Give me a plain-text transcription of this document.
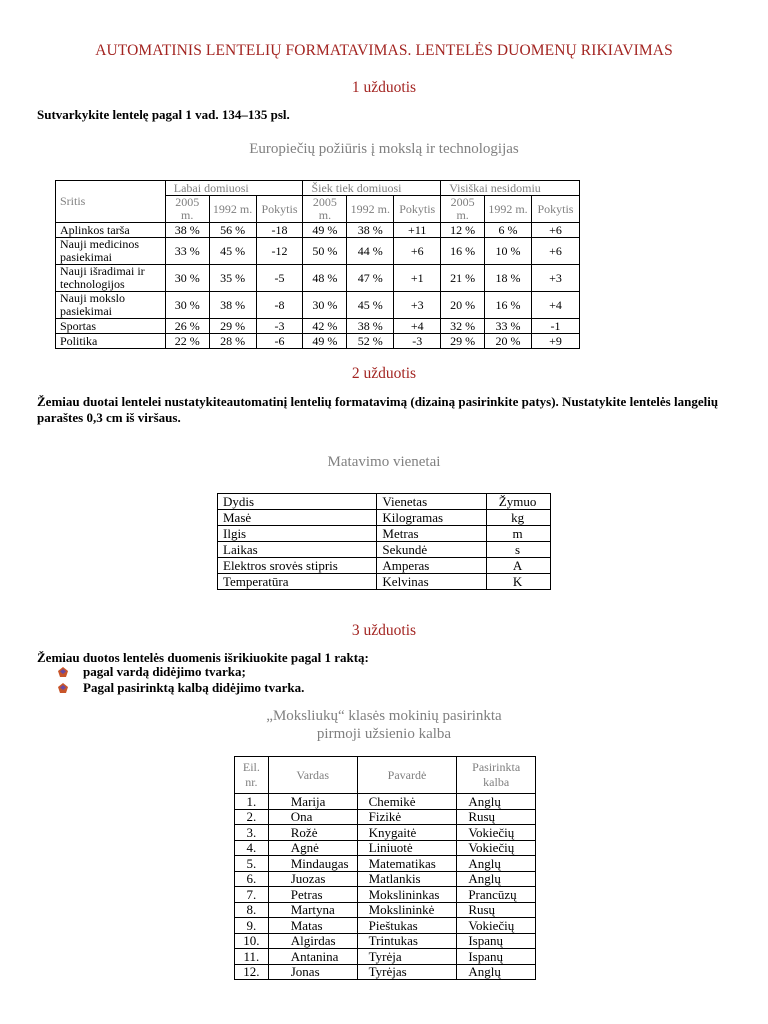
AUTOMATINIS LENTELIŲ FORMATAVIMAS. LENTELĖS DUOMENŲ RIKIAVIMAS
1 užduotis
Sutvarkykite lentelę pagal 1 vad. 134–135 psl.
Europiečių požiūris į mokslą ir technologijas
Sritis	Labai domiuosi			Šiek tiek domiuosi			Visiškai nesidomiu		
	2005 m.	1992 m.	Pokytis	2005 m.	1992 m.	Pokytis	2005 m.	1992 m.	Pokytis
Aplinkos tarša	38 %	56 %	-18	49 %	38 %	+11	12 %	6 %	+6
Nauji medicinos pasiekimai	33 %	45 %	-12	50 %	44 %	+6	16 %	10 %	+6
Nauji išradimai ir technologijos	30 %	35 %	-5	48 %	47 %	+1	21 %	18 %	+3
Nauji mokslo pasiekimai	30 %	38 %	-8	30 %	45 %	+3	20 %	16 %	+4
Sportas	26 %	29 %	-3	42 %	38 %	+4	32 %	33 %	-1
Politika	22 %	28 %	-6	49 %	52 %	-3	29 %	20 %	+9
2 užduotis
Žemiau duotai lentelei nustatykiteautomatinį lentelių formatavimą (dizainą pasirinkite patys). Nustatykite lentelės langelių paraštes 0,3 cm iš viršaus.
Matavimo vienetai
Dydis	Vienetas	Žymuo
Masė	Kilogramas	kg
Ilgis	Metras	m
Laikas	Sekundė	s
Elektros srovės stipris	Amperas	A
Temperatūra	Kelvinas	K
3 užduotis
Žemiau duotos lentelės duomenis išrikiuokite pagal 1 raktą:
pagal vardą didėjimo tvarka;
Pagal pasirinktą kalbą didėjimo tvarka.
„Moksliukų“ klasės mokinių pasirinkta
pirmoji užsienio kalba
Eil. nr.	Vardas	Pavardė	Pasirinkta kalba
1.	Marija	Chemikė	Anglų
2.	Ona	Fizikė	Rusų
3.	Rožė	Knygaitė	Vokiečių
4.	Agnė	Liniuotė	Vokiečių
5.	Mindaugas	Matematikas	Anglų
6.	Juozas	Matlankis	Anglų
7.	Petras	Mokslininkas	Prancūzų
8.	Martyna	Mokslininkė	Rusų
9.	Matas	Pieštukas	Vokiečių
10.	Algirdas	Trintukas	Ispanų
11.	Antanina	Tyrėja	Ispanų
12.	Jonas	Tyrėjas	Anglų
